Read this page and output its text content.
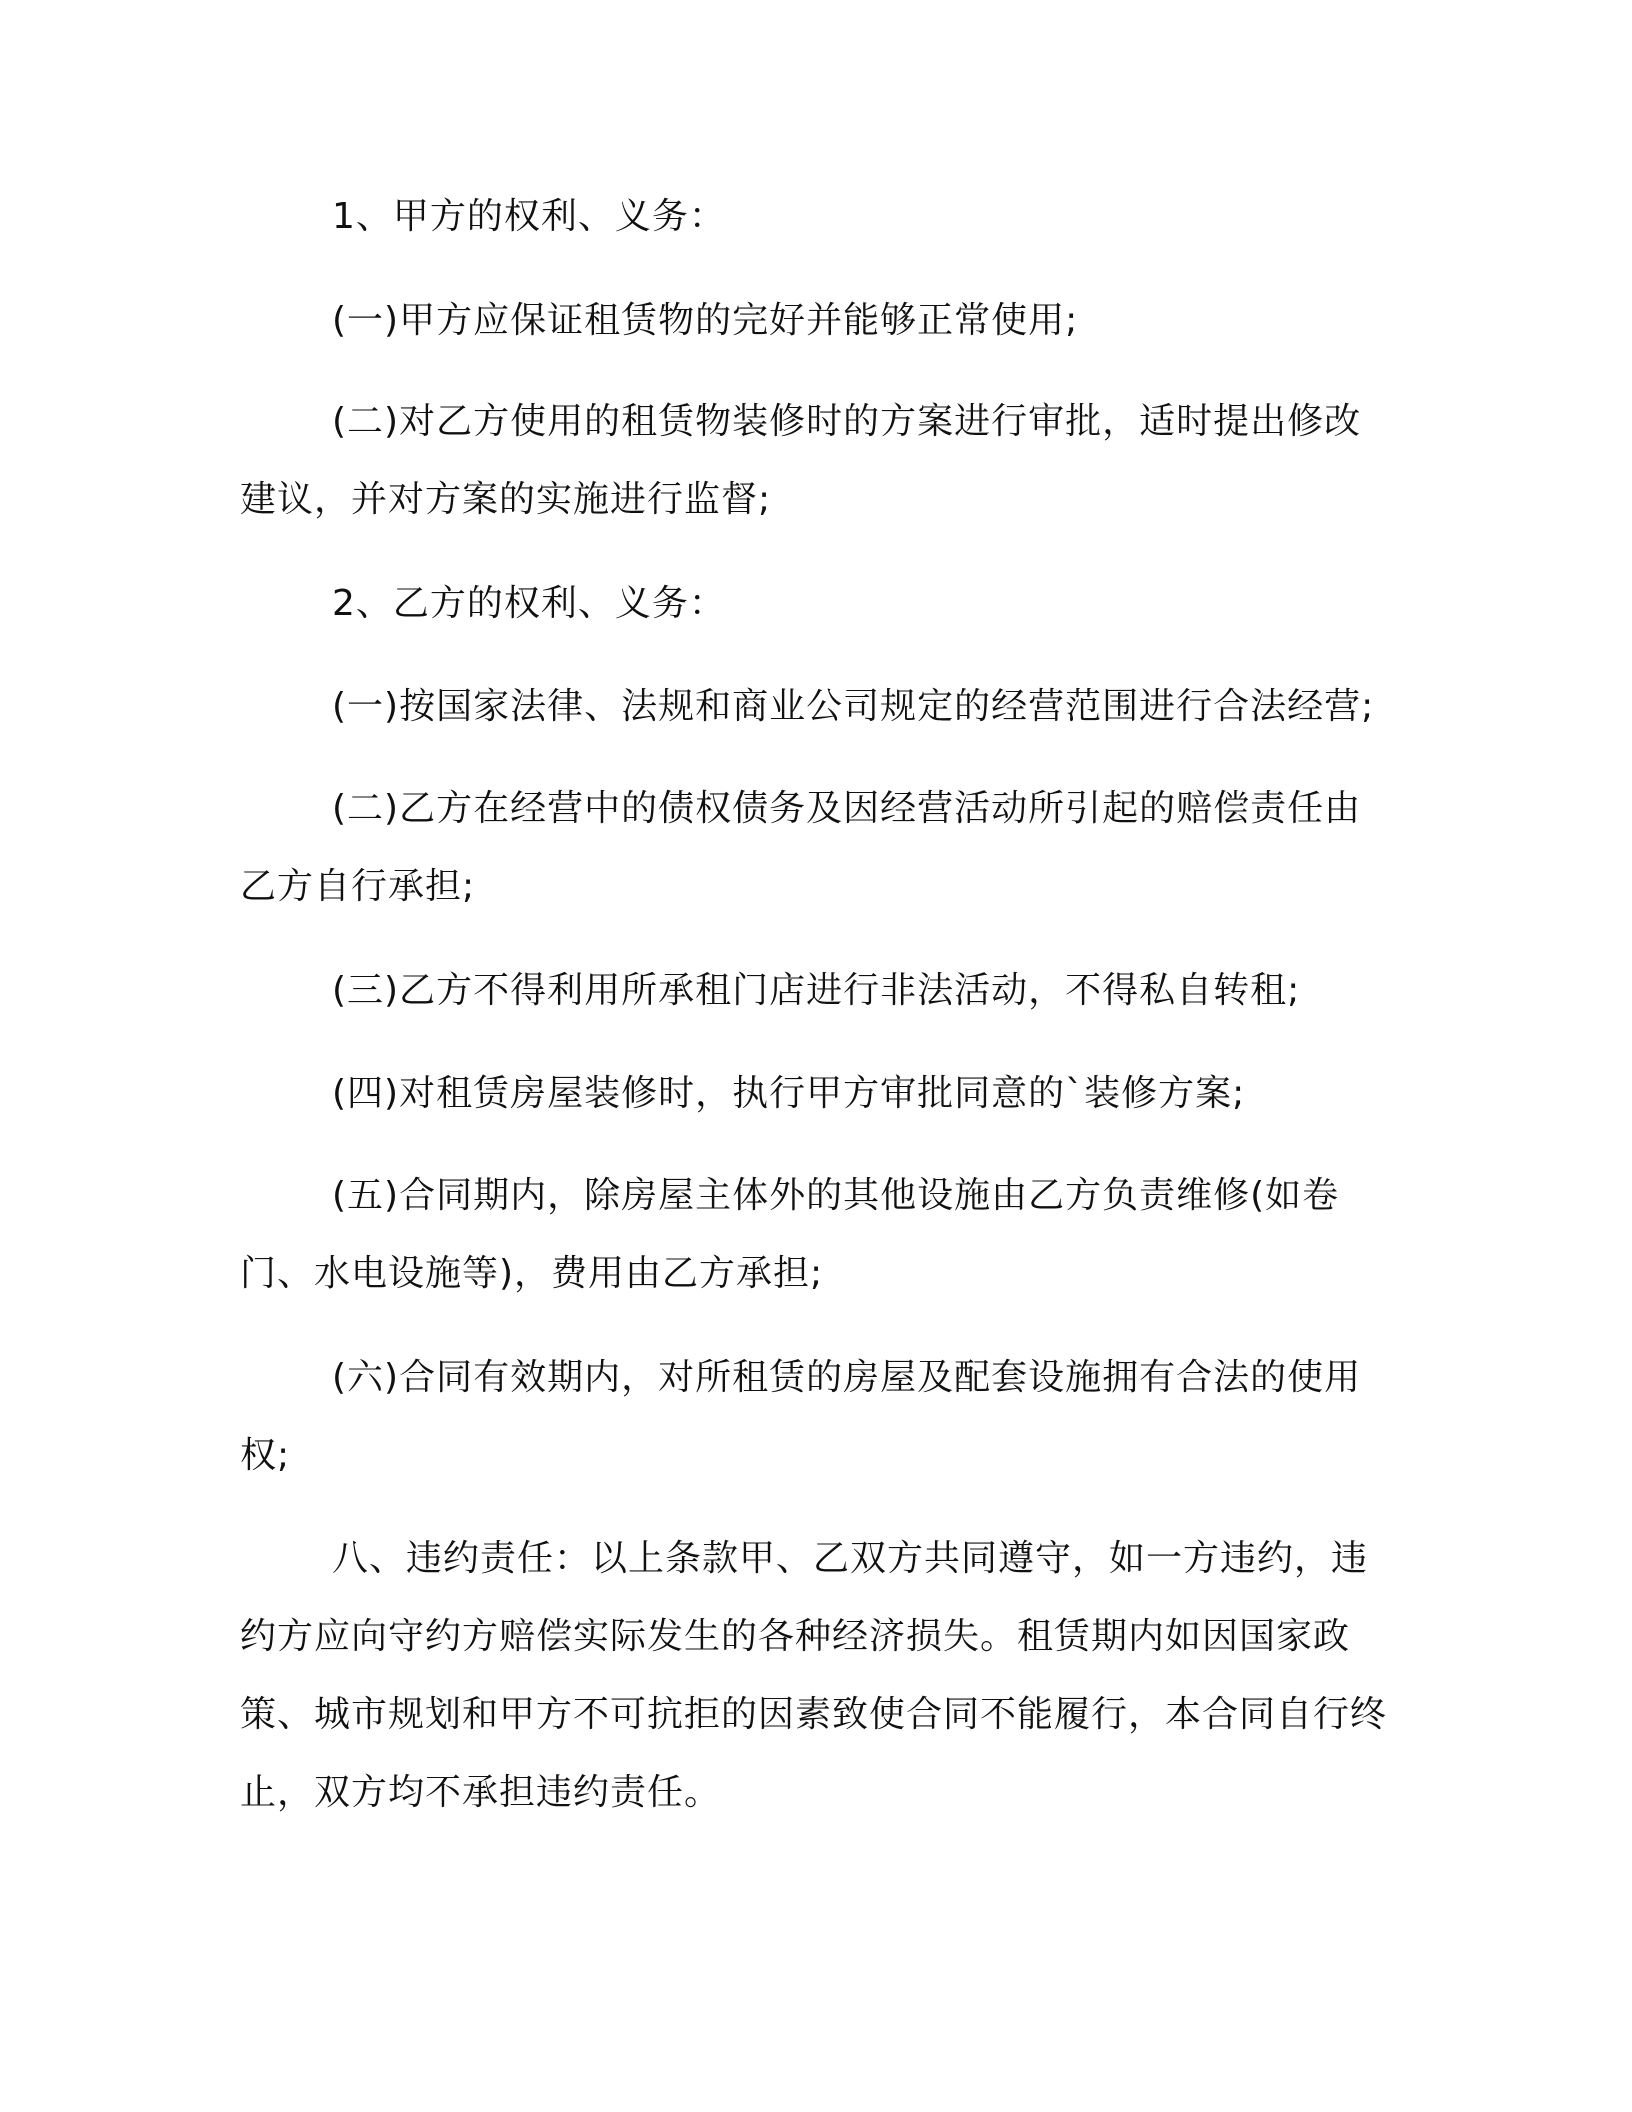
1、甲方的权利、义务：

(一)甲方应保证租赁物的完好并能够正常使用;

(二)对乙方使用的租赁物装修时的方案进行审批，适时提出修改建议，并对方案的实施进行监督;

2、乙方的权利、义务：

(一)按国家法律、法规和商业公司规定的经营范围进行合法经营;

(二)乙方在经营中的债权债务及因经营活动所引起的赔偿责任由乙方自行承担;

(三)乙方不得利用所承租门店进行非法活动，不得私自转租;

(四)对租赁房屋装修时，执行甲方审批同意的`装修方案;

(五)合同期内，除房屋主体外的其他设施由乙方负责维修(如卷门、水电设施等)，费用由乙方承担;

(六)合同有效期内，对所租赁的房屋及配套设施拥有合法的使用权;

八、违约责任：以上条款甲、乙双方共同遵守，如一方违约，违约方应向守约方赔偿实际发生的各种经济损失。租赁期内如因国家政策、城市规划和甲方不可抗拒的因素致使合同不能履行，本合同自行终止，双方均不承担违约责任。
